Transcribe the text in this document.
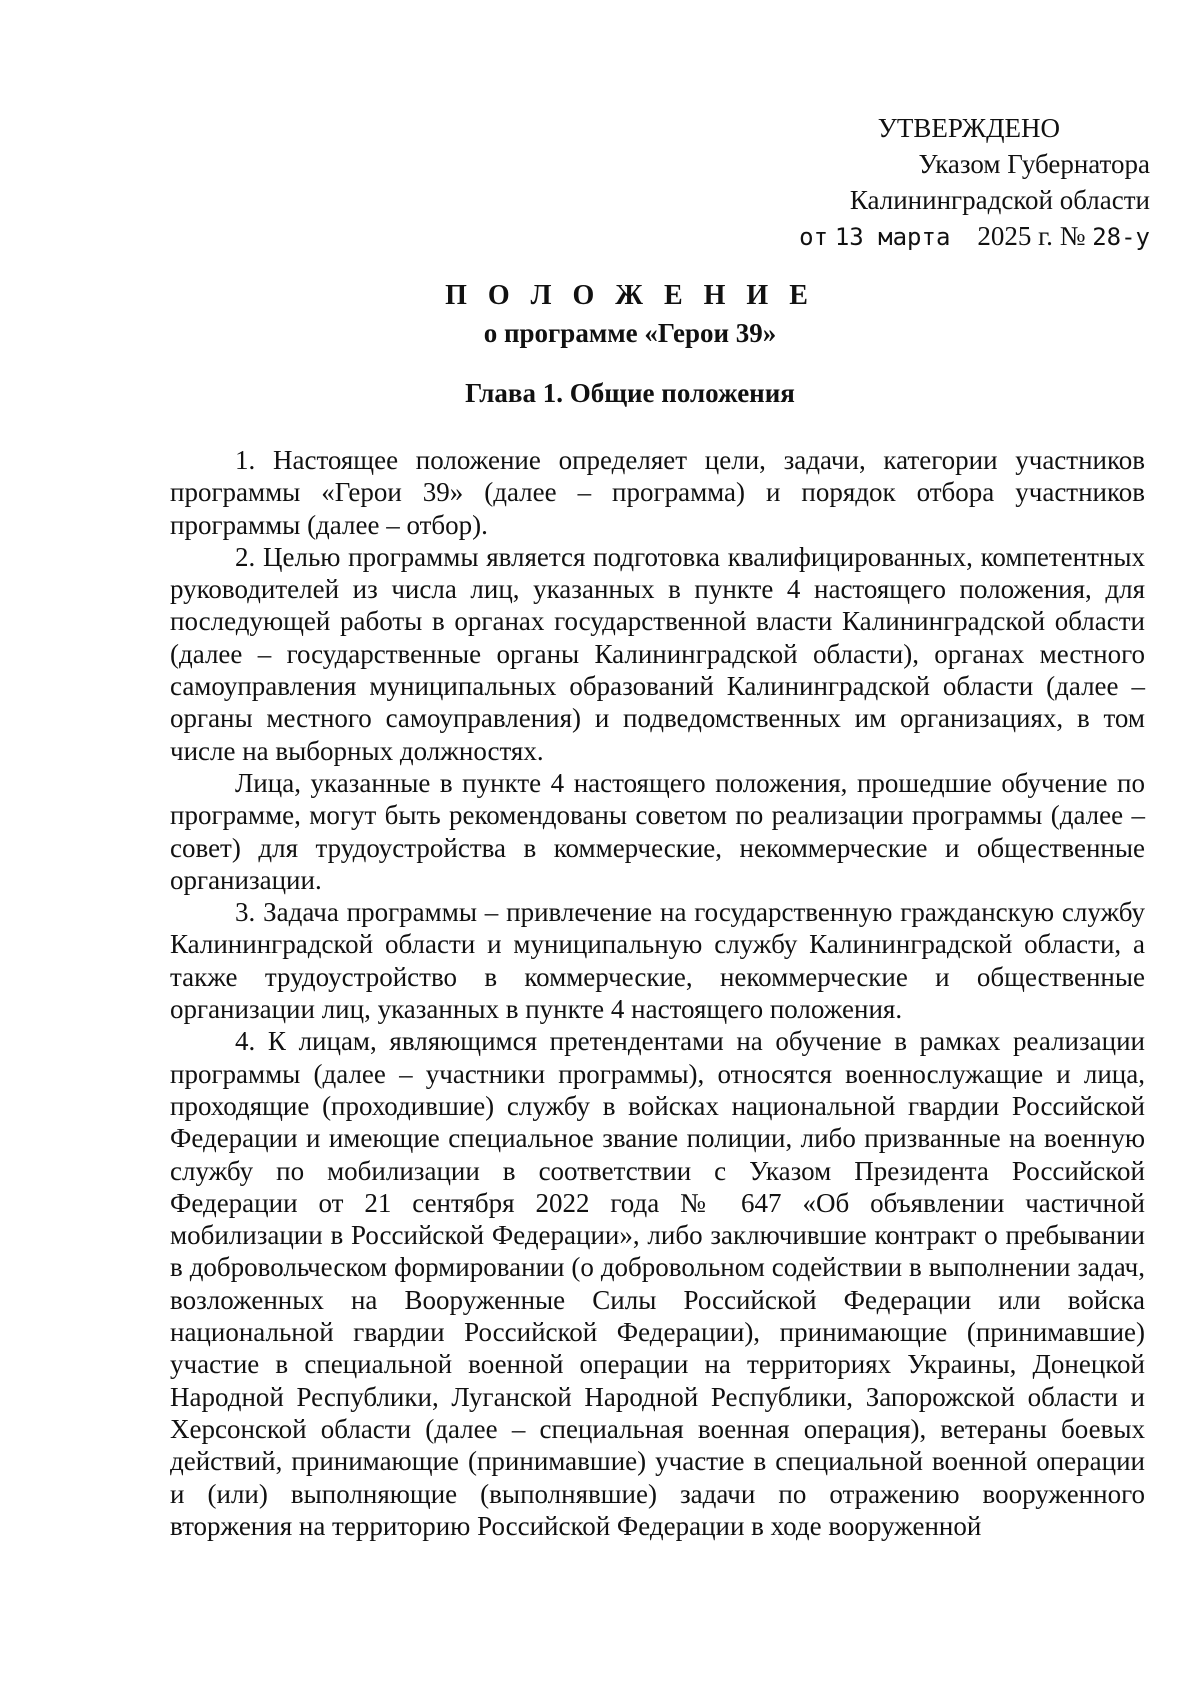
УТВЕРЖДЕНО
Указом Губернатора
Калининградской области
от 13 марта 2025 г. № 28-у
П О Л О Ж Е Н И Е
о программе «Герои 39»
Глава 1. Общие положения

1. Настоящее положение определяет цели, задачи, категории участников программы «Герои 39» (далее – программа) и порядок отбора участников программы (далее – отбор).

2. Целью программы является подготовка квалифицированных, компетентных руководителей из числа лиц, указанных в пункте 4 настоящего положения, для последующей работы в органах государственной власти Калининградской области (далее – государственные органы Калининградской области), органах местного самоуправления муниципальных образований Калининградской области (далее – органы местного самоуправления) и подведомственных им организациях, в том числе на выборных должностях.

Лица, указанные в пункте 4 настоящего положения, прошедшие обучение по программе, могут быть рекомендованы советом по реализации программы (далее – совет) для трудоустройства в коммерческие, некоммерческие и общественные организации.

3. Задача программы – привлечение на государственную гражданскую службу Калининградской области и муниципальную службу Калининградской области, а также трудоустройство в коммерческие, некоммерческие и общественные организации лиц, указанных в пункте 4 настоящего положения.

4. К лицам, являющимся претендентами на обучение в рамках реализации программы (далее – участники программы), относятся военнослужащие и лица, проходящие (проходившие) службу в войсках национальной гвардии Российской Федерации и имеющие специальное звание полиции, либо призванные на военную службу по мобилизации в соответствии с Указом Президента Российской Федерации от 21 сентября 2022 года № 647 «Об объявлении частичной мобилизации в Российской Федерации», либо заключившие контракт о пребывании в добровольческом формировании (о добровольном содействии в выполнении задач, возложенных на Вооруженные Силы Российской Федерации или войска национальной гвардии Российской Федерации), принимающие (принимавшие) участие в специальной военной операции на территориях Украины, Донецкой Народной Республики, Луганской Народной Республики, Запорожской области и Херсонской области (далее – специальная военная операция), ветераны боевых действий, принимающие (принимавшие) участие в специальной военной операции и (или) выполняющие (выполнявшие) задачи по отражению вооруженного вторжения на территорию Российской Федерации в ходе вооруженной
